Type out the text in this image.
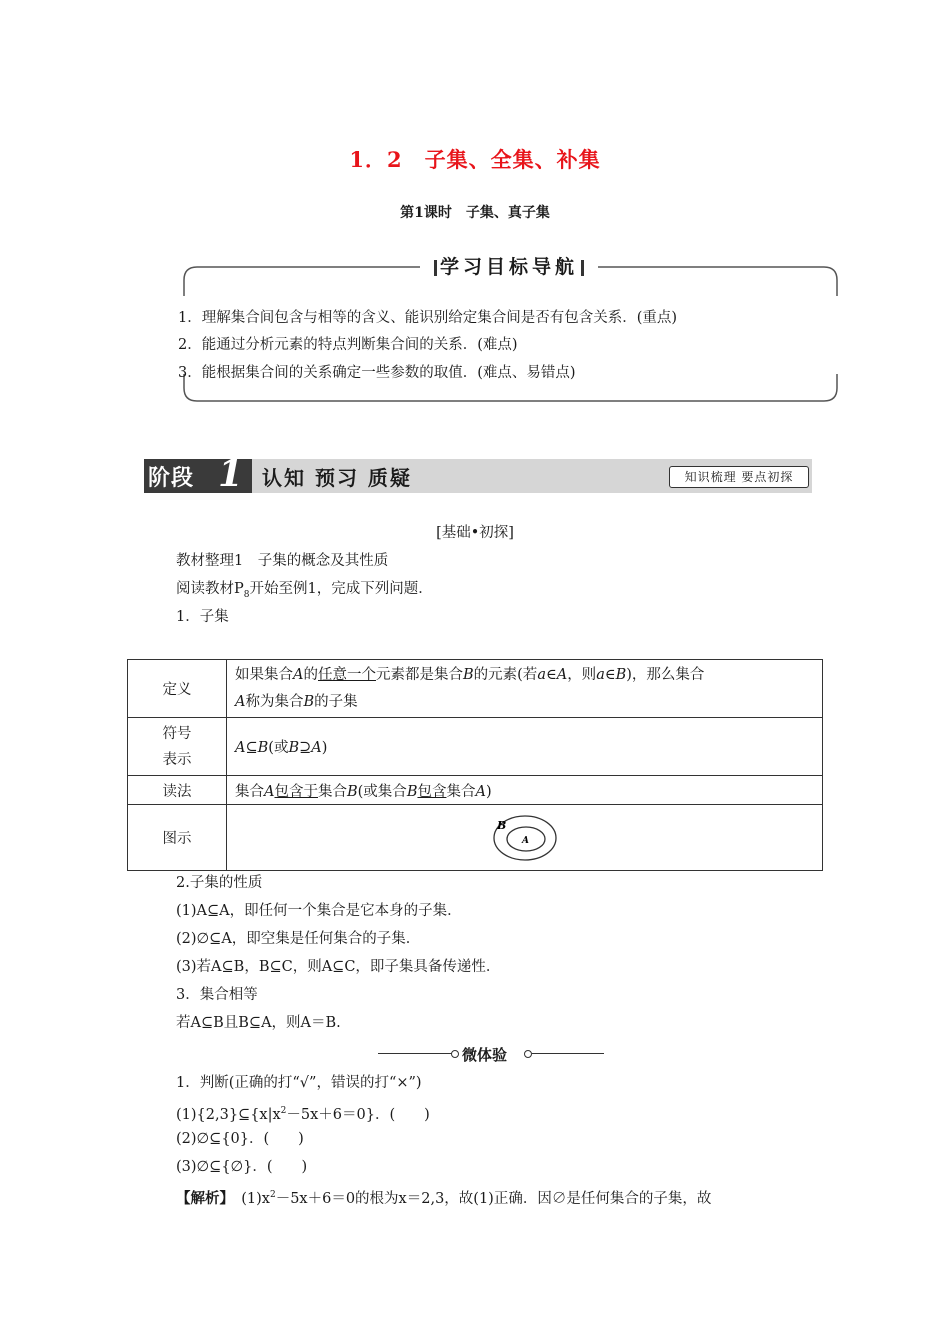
1．2　子集、全集、补集
第1课时　子集、真子集
学习目标导航
1．理解集合间包含与相等的含义、能识别给定集合间是否有包含关系．(重点)
2．能通过分析元素的特点判断集合间的关系．(难点)
3．能根据集合间的关系确定一些参数的取值．(难点、易错点)
阶段 1 认知 预习 质疑	知识梳理 要点初探
[基础•初探]
教材整理1　子集的概念及其性质
阅读教材$P_8$开始至例1，完成下列问题．
1．子集
定义	如果集合A的任意一个元素都是集合B的元素(若a∈A，则a∈B)，那么集合
A称为集合B的子集
符号
表示	A⊆B(或B⊇A)
读法	集合A包含于集合B(或集合B包含集合A)
图示	B
A
2.子集的性质
(1)A⊆A，即任何一个集合是它本身的子集．
(2)∅⊆A，即空集是任何集合的子集．
(3)若A⊆B，B⊆C，则A⊆C，即子集具备传递性．
3．集合相等
若A⊆B且B⊆A，则A＝B.
微体验
1．判断(正确的打“√”，错误的打“×”)
$(1)\{2,3\}⊆\{x|x^2-5x+6=0\}$．(　　)
(2)∅⊆{0}．(　　)
(3)∅⊆{∅}．(　　)
【解析】　$(1)x^2-5x+6=0$的根为x＝2,3，故(1)正确．因∅是任何集合的子集，故
